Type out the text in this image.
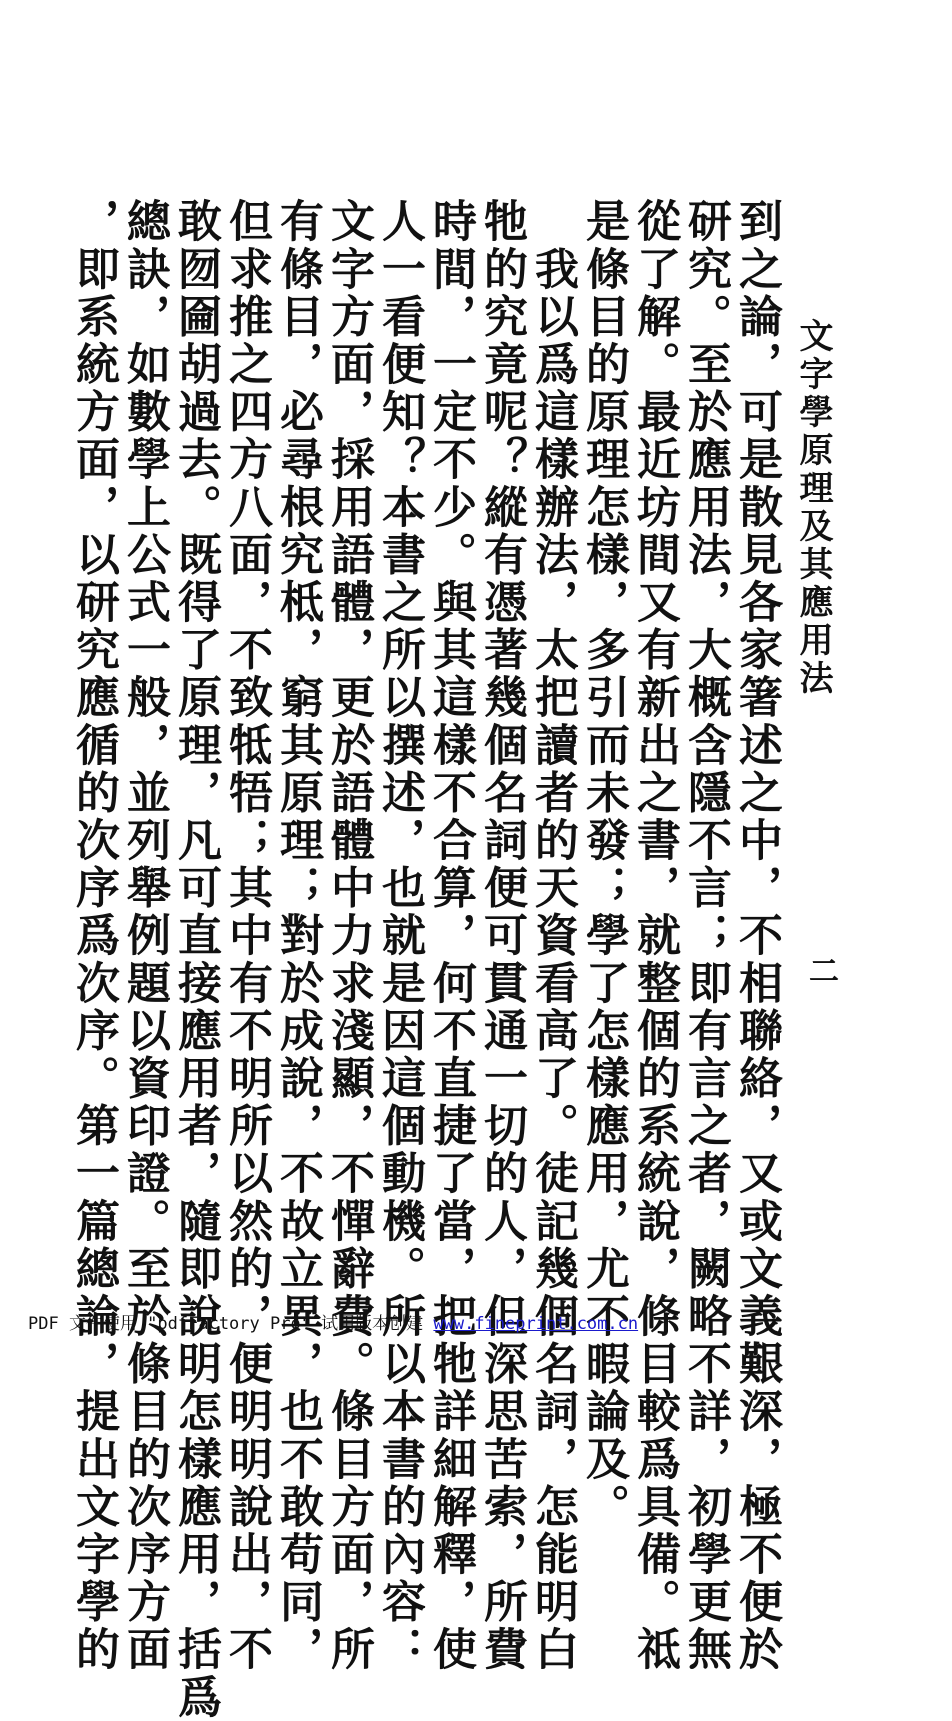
文字學原理及其應用法
二
到之論，可是散見各家箸述之中，不相聯絡，又或文義艱深，極不便於
研究。至於應用法，大概含隱不言；即有言之者，闕略不詳，初學更無
從了解。最近坊間又有新出之書，就整個的系統說，條目較爲具備。祗
是條目的原理怎樣，多引而未發；學了怎樣應用，尤不暇論及。
　我以爲這樣辦法，太把讀者的天資看高了。徒記幾個名詞，怎能明白
牠的究竟呢？縱有憑著幾個名詞便可貫通一切的人，但深思苦索，所費
時間，一定不少。與其這樣不合算，何不直捷了當，把牠詳細解釋，使
人一看便知？本書之所以撰述，也就是因這個動機。所以本書的內容：
文字方面，採用語體，更於語體中力求淺顯，不憚辭費。條目方面，所
有條目，必尋根究柢，窮其原理；對於成說，不故立異，也不敢苟同，
但求推之四方八面，不致牴牾；其中有不明所以然的，便明明說出，不
敢囫圇胡過去。既得了原理，凡可直接應用者，隨即說明怎樣應用，括爲
總訣，如數學上公式一般，並列舉例題以資印證。至於條目的次序方面
，即系統方面，以研究應循的次序爲次序。第一篇總論，提出文字學的
PDF 文件使用 "pdfFactory Pro" 试用版本创建 www.fineprint.com.cn
